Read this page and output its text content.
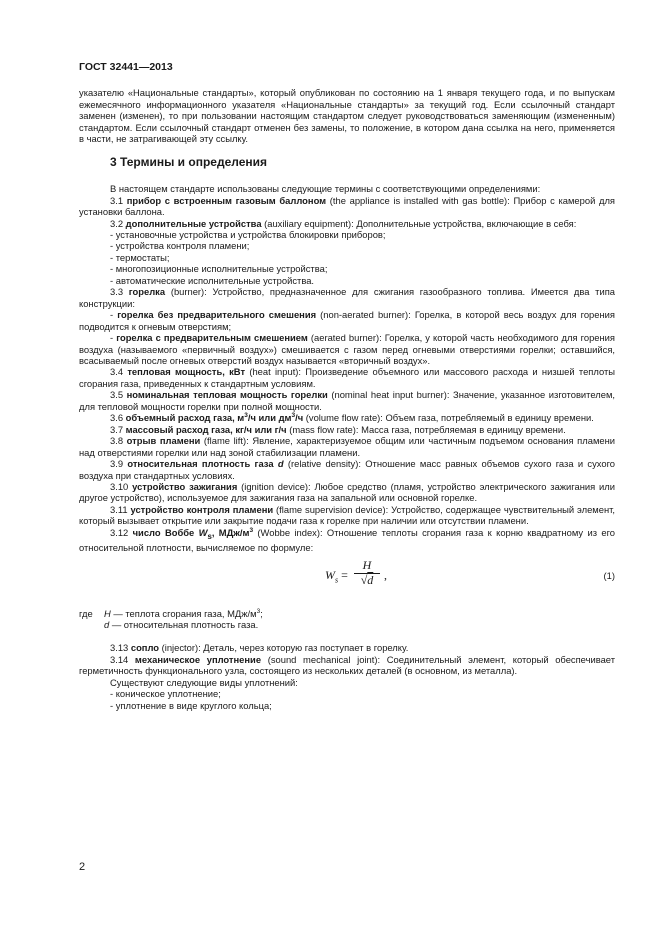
ГОСТ 32441—2013

указателю «Национальные стандарты», который опубликован по состоянию на 1 января текущего года, и по выпускам ежемесячного информационного указателя «Национальные стандарты» за текущий год. Если ссылочный стандарт заменен (изменен), то при пользовании настоящим стандартом следует руководствоваться заменяющим (измененным) стандартом. Если ссылочный стандарт отменен без замены, то положение, в котором дана ссылка на него, применяется в части, не затрагивающей эту ссылку.

3 Термины и определения

В настоящем стандарте использованы следующие термины с соответствующими определениями:

3.1 прибор с встроенным газовым баллоном (the appliance is installed with gas bottle): Прибор с камерой для установки баллона.

3.2 дополнительные устройства (auxiliary equipment): Дополнительные устройства, включающие в себя:

- установочные устройства и устройства блокировки приборов;

- устройства контроля пламени;

- термостаты;

- многопозиционные исполнительные устройства;

- автоматические исполнительные устройства.

3.3 горелка (burner): Устройство, предназначенное для сжигания газообразного топлива. Имеется два типа конструкции:

- горелка без предварительного смешения (non-aerated burner): Горелка, в которой весь воздух для горения подводится к огневым отверстиям;

- горелка с предварительным смешением (aerated burner): Горелка, у которой часть необходимого для горения воздуха (называемого «первичный воздух») смешивается с газом перед огневыми отверстиями горелки; оставшийся, всасываемый после огневых отверстий воздух называется «вторичный воздух».

3.4 тепловая мощность, кВт (heat input): Произведение объемного или массового расхода и низшей теплоты сгорания газа, приведенных к стандартным условиям.

3.5 номинальная тепловая мощность горелки (nominal heat input burner): Значение, указанное изготовителем, для тепловой мощности горелки при полной мощности.

3.6 объемный расход газа, $м^3/ч$ или $дм^3/ч$ (volume flow rate): Объем газа, потребляемый в единицу времени.

3.7 массовый расход газа, кг/ч или г/ч (mass flow rate): Масса газа, потребляемая в единицу времени.

3.8 отрыв пламени (flame lift): Явление, характеризуемое общим или частичным подъемом основания пламени над отверстиями горелки или над зоной стабилизации пламени.

3.9 относительная плотность газа d (relative density): Отношение масс равных объемов сухого газа и сухого воздуха при стандартных условиях.

3.10 устройство зажигания (ignition device): Любое средство (пламя, устройство электрического зажигания или другое устройство), используемое для зажигания газа на запальной или основной горелке.

3.11 устройство контроля пламени (flame supervision device): Устройство, содержащее чувствительный элемент, который вызывает открытие или закрытие подачи газа к горелке при наличии или отсутствии пламени.

3.12 число Воббе $W_s$, МДж/$м^3$ (Wobbe index): Отношение теплоты сгорания газа к корню квадратному из его относительной плотности, вычисляемое по формуле:

$W_s = \frac{H}{√d}$ ,	(1)
где H — теплота сгорания газа, МДж/$м^3$;
d — относительная плотность газа.

3.13 сопло (injector): Деталь, через которую газ поступает в горелку.

3.14 механическое уплотнение (sound mechanical joint): Соединительный элемент, который обеспечивает герметичность функционального узла, состоящего из нескольких деталей (в основном, из металла).

Существуют следующие виды уплотнений:

- коническое уплотнение;

- уплотнение в виде круглого кольца;

2
